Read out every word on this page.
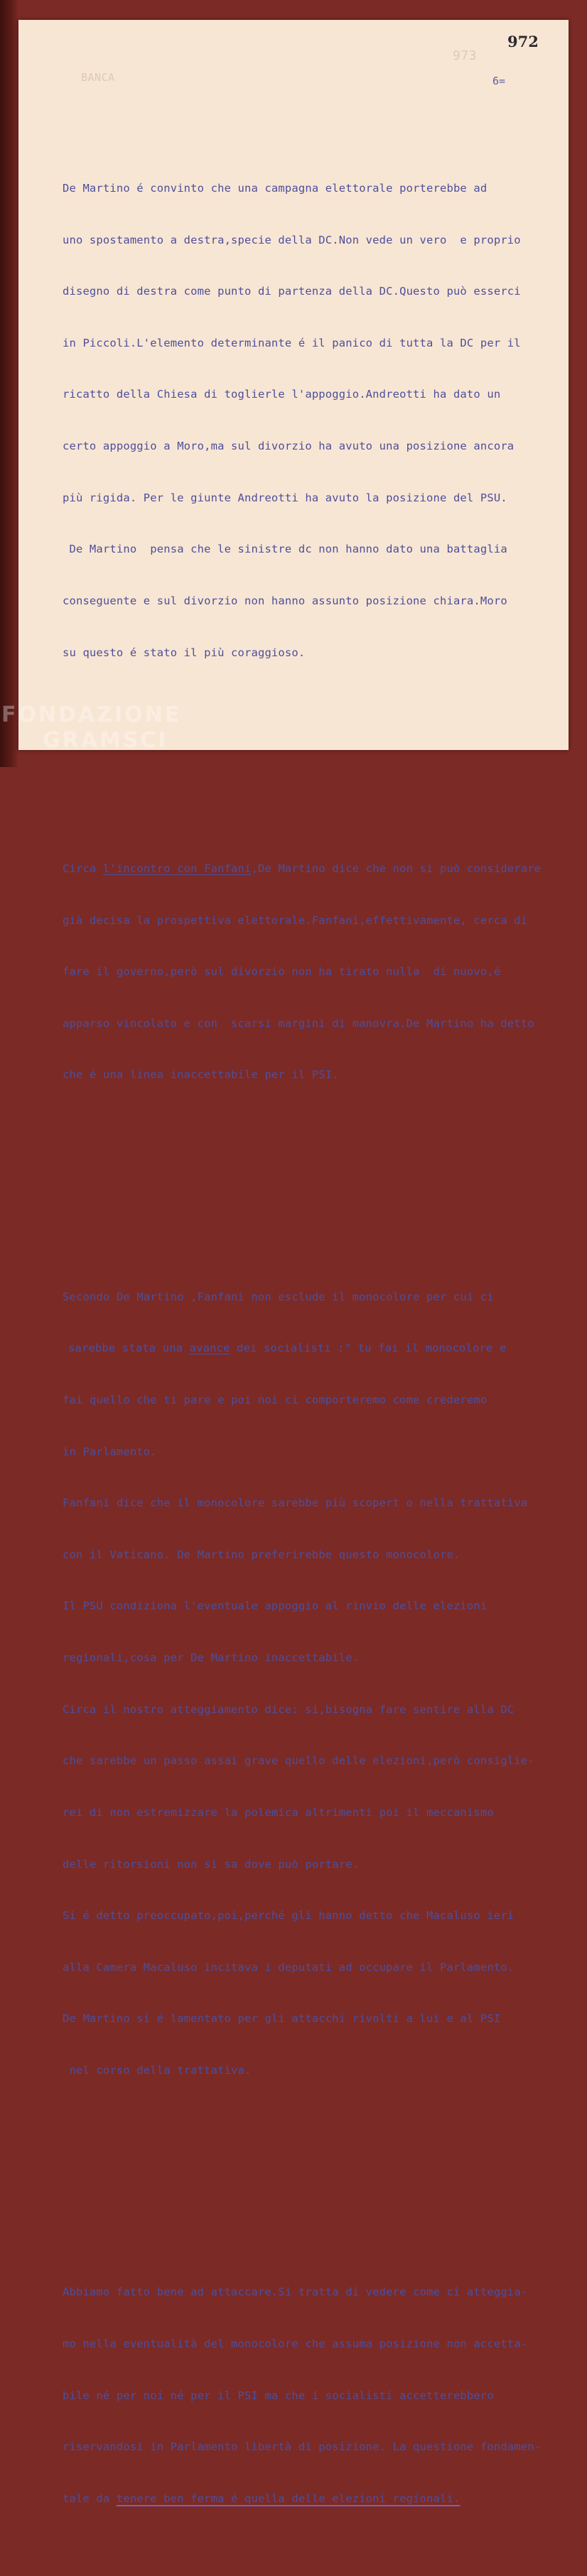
973
BANCA
972
6=

De Martino é convinto che una campagna elettorale porterebbe ad

uno spostamento a destra,specie della DC.Non vede un vero  e proprio

disegno di destra come punto di partenza della DC.Questo può esserci

in Piccoli.L'elemento determinante é il panico di tutta la DC per il

ricatto della Chiesa di toglierle l'appoggio.Andreotti ha dato un

certo appoggio a Moro,ma sul divorzio ha avuto una posizione ancora

più rigida. Per le giunte Andreotti ha avuto la posizione del PSU.

De Martino  pensa che le sinistre dc non hanno dato una battaglia

conseguente e sul divorzio non hanno assunto posizione chiara.Moro

su questo é stato il più coraggioso.

Circa l'incontro con Fanfani,De Martino dice che non si può considerare

già decisa la prospettiva elettorale.Fanfani,effettivamente, cerca di

fare il governo,però sul divorzio non ha tirato nulla  di nuovo,é

apparso vincolato e con  scarsi margini di manovra.De Martino ha detto

che é una linea inaccettabile per il PSI.

Secondo De Martino ,Fanfani non esclude il monocolore per cui ci

sarebbe stata una avance dei socialisti :" tu fai il monocolore e

fai quello che ti pare e poi noi ci comporteremo come crederemo

in Parlamento.

Fanfani dice che il monocolore sarebbe più scopert o nella trattativa

con il Vaticano. De Martino preferirebbe questo monocolore.

Il PSU condiziona l'eventuale appoggio al rinvio delle elezioni

regionali,cosa per De Martino inaccettabile.

Circa il nostro atteggiamento dice: si,bisogna fare sentire alla DC

che sarebbe un passo assai grave quello delle elezioni,però consiglie-

rei di non estremizzare la polemica altrimenti poi il meccanismo

delle ritorsioni non si sa dove può portare.

Si é detto preoccupato,poi,perché gli hanno detto che Macaluso ieri

alla Camera Macaluso incitava i deputati ad occupare il Parlamento.

De Martino si é lamentato per gli attacchi rivolti a lui e al PSI

nel corso della trattativa.

Abbiamo fatto bene ad attaccare.Si tratta di vedere come ci atteggia-

mo nella eventualità del monocolore che assuma posizione non accetta-

bile né per noi né per il PSI ma che i socialisti accetterebbero

riservandosi in Parlamento libertà di posizione. La questione fondamen-

tale da tenere ben ferma é quella delle elezioni regionali.

FONDAZIONE
GRAMSCI
